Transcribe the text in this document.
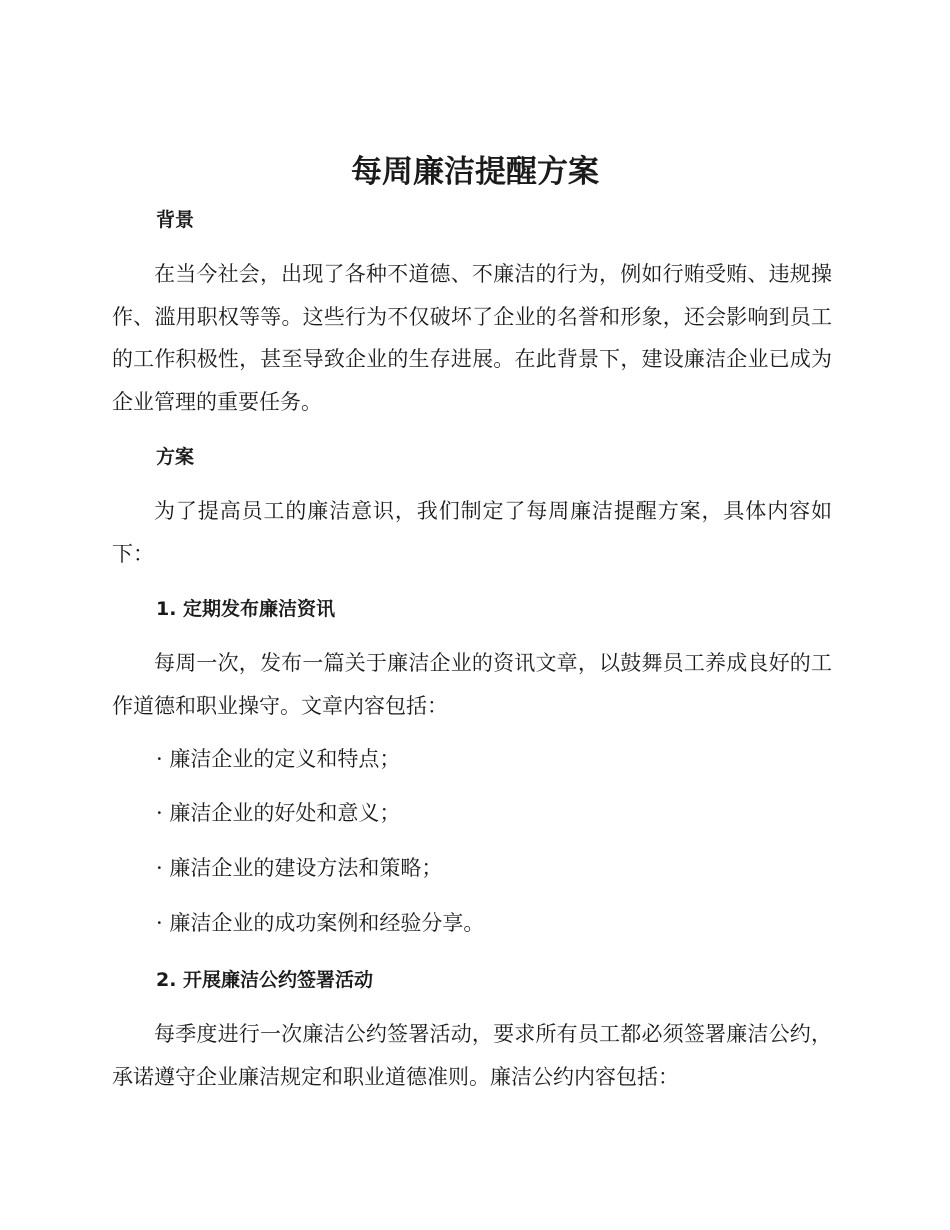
每周廉洁提醒方案
背景

在当今社会，出现了各种不道德、不廉洁的行为，例如行贿受贿、违规操作、滥用职权等等。这些行为不仅破坏了企业的名誉和形象，还会影响到员工的工作积极性，甚至导致企业的生存进展。在此背景下，建设廉洁企业已成为企业管理的重要任务。

方案

为了提高员工的廉洁意识，我们制定了每周廉洁提醒方案，具体内容如下：

1. 定期发布廉洁资讯

每周一次，发布一篇关于廉洁企业的资讯文章，以鼓舞员工养成良好的工作道德和职业操守。文章内容包括：

· 廉洁企业的定义和特点；

· 廉洁企业的好处和意义；

· 廉洁企业的建设方法和策略；

· 廉洁企业的成功案例和经验分享。

2. 开展廉洁公约签署活动

每季度进行一次廉洁公约签署活动，要求所有员工都必须签署廉洁公约，承诺遵守企业廉洁规定和职业道德准则。廉洁公约内容包括：
